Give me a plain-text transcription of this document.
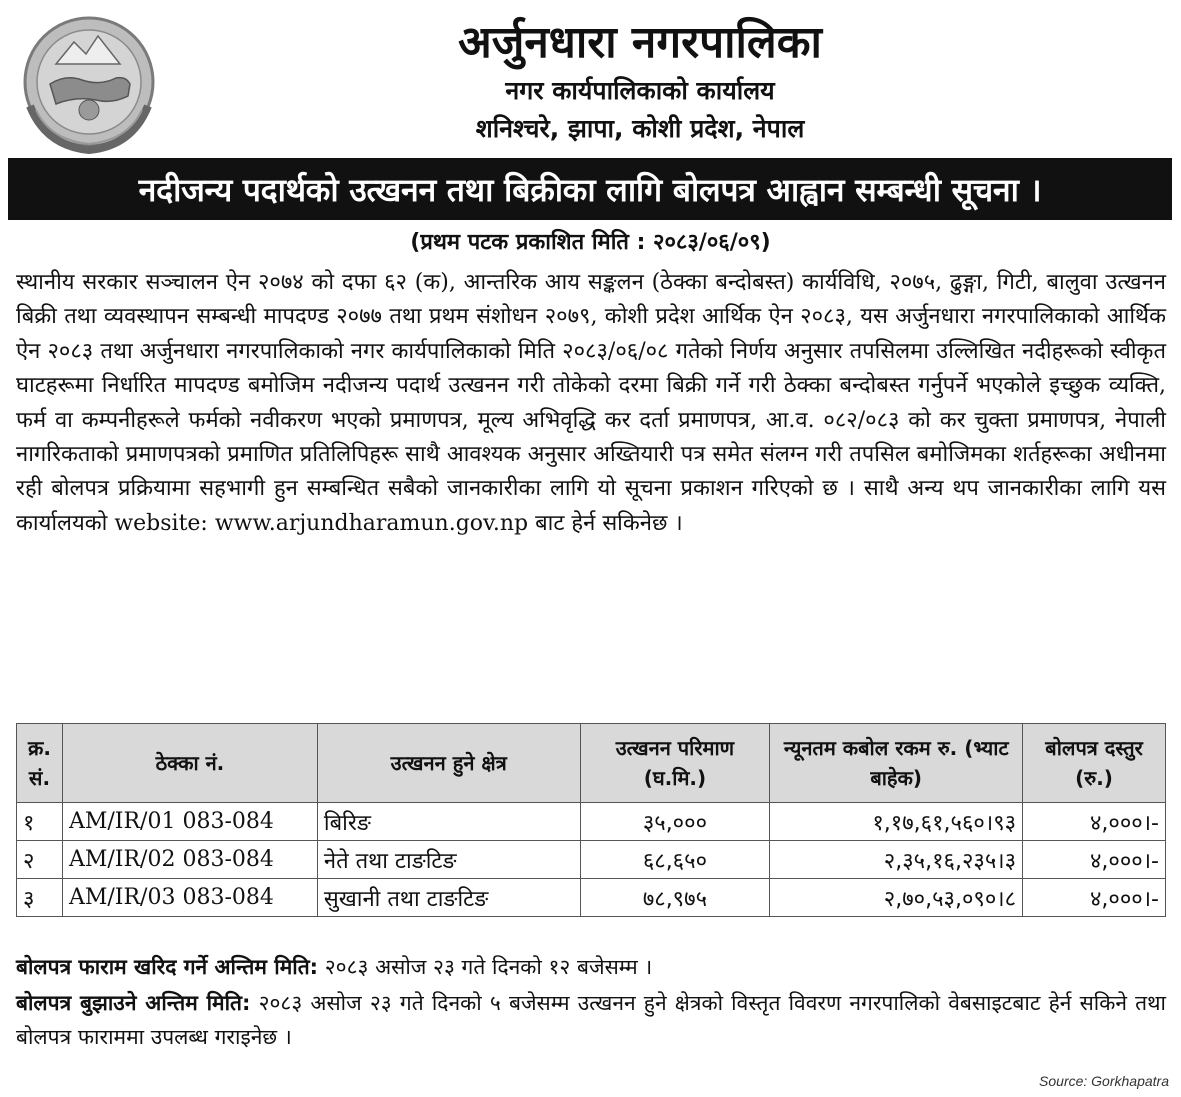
अर्जुनधारा नगरपालिका
नगर कार्यपालिकाको कार्यालय
शनिश्चरे, झापा, कोशी प्रदेश, नेपाल
नदीजन्य पदार्थको उत्खनन तथा बिक्रीका लागि बोलपत्र आह्वान सम्बन्धी सूचना ।
(प्रथम पटक प्रकाशित मिति : २०८३/०६/०९)
स्थानीय सरकार सञ्चालन ऐन २०७४ को दफा ६२ (क), आन्तरिक आय सङ्कलन (ठेक्का बन्दोबस्त) कार्यविधि, २०७५, ढुङ्गा, गिटी, बालुवा उत्खनन बिक्री तथा व्यवस्थापन सम्बन्धी मापदण्ड २०७७ तथा प्रथम संशोधन २०७९, कोशी प्रदेश आर्थिक ऐन २०८३, यस अर्जुनधारा नगरपालिकाको आर्थिक ऐन २०८३ तथा अर्जुनधारा नगरपालिकाको नगर कार्यपालिकाको मिति २०८३/०६/०८ गतेको निर्णय अनुसार तपसिलमा उल्लिखित नदीहरूको स्वीकृत घाटहरूमा निर्धारित मापदण्ड बमोजिम नदीजन्य पदार्थ उत्खनन गरी तोकेको दरमा बिक्री गर्ने गरी ठेक्का बन्दोबस्त गर्नुपर्ने भएकोले इच्छुक व्यक्ति, फर्म वा कम्पनीहरूले फर्मको नवीकरण भएको प्रमाणपत्र, मूल्य अभिवृद्धि कर दर्ता प्रमाणपत्र, आ.व. ०८२/०८३ को कर चुक्ता प्रमाणपत्र, नेपाली नागरिकताको प्रमाणपत्रको प्रमाणित प्रतिलिपिहरू साथै आवश्यक अनुसार अख्तियारी पत्र समेत संलग्न गरी तपसिल बमोजिमका शर्तहरूका अधीनमा रही बोलपत्र प्रक्रियामा सहभागी हुन सम्बन्धित सबैको जानकारीका लागि यो सूचना प्रकाशन गरिएको छ । साथै अन्य थप जानकारीका लागि यस कार्यालयको website: www.arjundharamun.gov.np बाट हेर्न सकिनेछ ।
क्र. सं.	ठेक्का नं.	उत्खनन हुने क्षेत्र	उत्खनन परिमाण (घ.मि.)	न्यूनतम कबोल रकम रु. (भ्याट बाहेक)	बोलपत्र दस्तुर (रु.)
१	AM/IR/01 083-084	बिरिङ	३५,०००	१,१७,६१,५६०।९३	४,०००।-
२	AM/IR/02 083-084	नेते तथा टाङटिङ	६८,६५०	२,३५,१६,२३५।३	४,०००।-
३	AM/IR/03 083-084	सुखानी तथा टाङटिङ	७८,९७५	२,७०,५३,०९०।८	४,०००।-
बोलपत्र फाराम खरिद गर्ने अन्तिम मिति: २०८३ असोज २३ गते दिनको १२ बजेसम्म ।
बोलपत्र बुझाउने अन्तिम मिति: २०८३ असोज २३ गते दिनको ५ बजेसम्म उत्खनन हुने क्षेत्रको विस्तृत विवरण नगरपालिको वेबसाइटबाट हेर्न सकिने तथा बोलपत्र फाराममा उपलब्ध गराइनेछ ।
Source: Gorkhapatra
